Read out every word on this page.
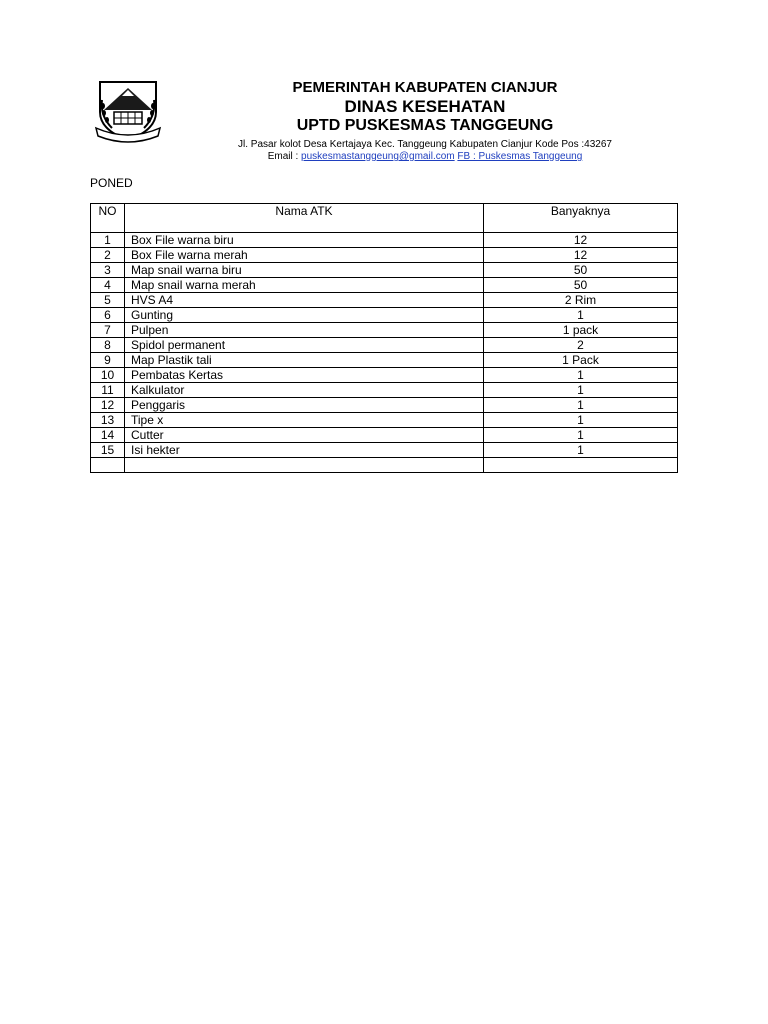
PEMERINTAH KABUPATEN CIANJUR
DINAS KESEHATAN
UPTD PUSKESMAS TANGGEUNG
Jl. Pasar kolot Desa Kertajaya Kec. Tanggeung Kabupaten Cianjur Kode Pos :43267
Email : puskesmastanggeung@gmail.com FB : Puskesmas Tanggeung
PONED
NO	Nama ATK	Banyaknya
1	Box File warna biru	12
2	Box File warna merah	12
3	Map snail warna biru	50
4	Map snail warna merah	50
5	HVS A4	2 Rim
6	Gunting	1
7	Pulpen	1 pack
8	Spidol permanent	2
9	Map Plastik tali	1 Pack
10	Pembatas Kertas	1
11	Kalkulator	1
12	Penggaris	1
13	Tipe x	1
14	Cutter	1
15	Isi hekter	1
